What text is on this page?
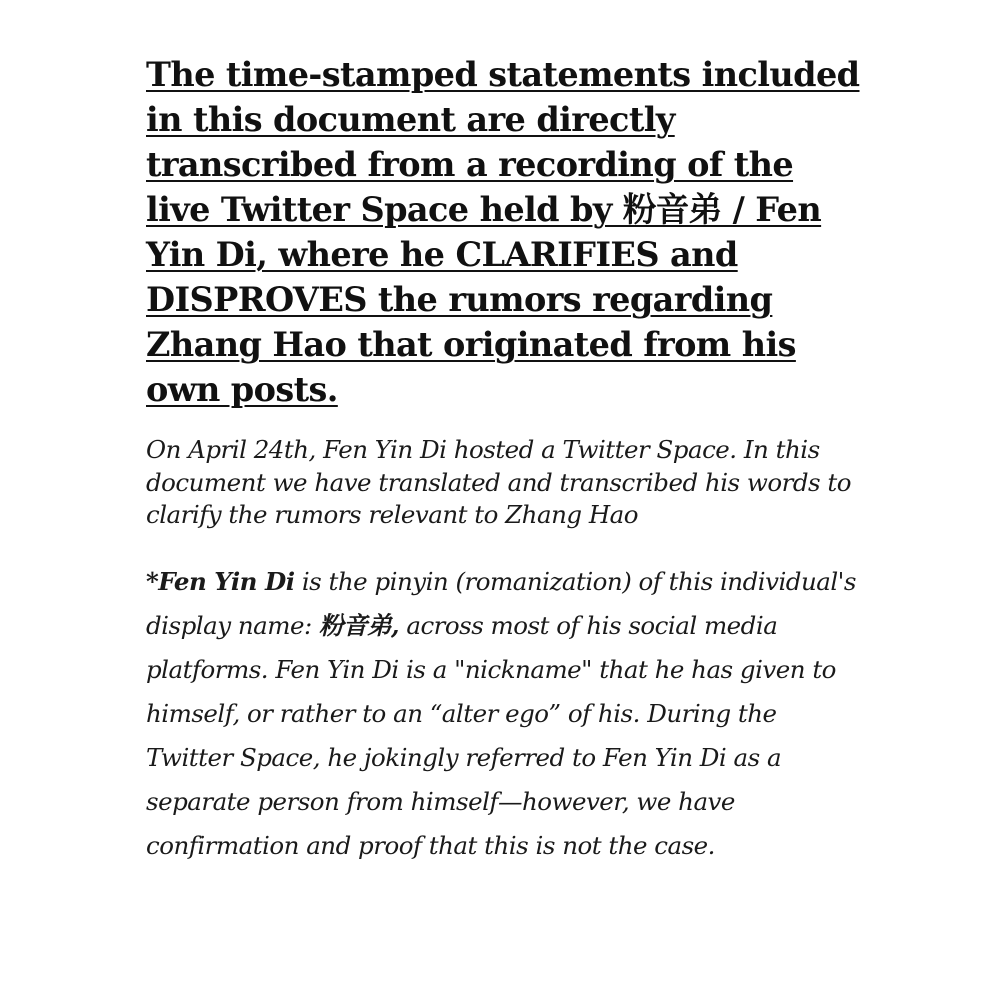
The time-stamped statements included in this document are directly transcribed from a recording of the live Twitter Space held by 粉音弟 / Fen Yin Di, where he CLARIFIES and DISPROVES the rumors regarding Zhang Hao that originated from his own posts.

On April 24th, Fen Yin Di hosted a Twitter Space. In this document we have translated and transcribed his words to clarify the rumors relevant to Zhang Hao

*Fen Yin Di is the pinyin (romanization) of this individual's display name: 粉音弟, across most of his social media platforms. Fen Yin Di is a "nickname" that he has given to himself, or rather to an “alter ego” of his. During the Twitter Space, he jokingly referred to Fen Yin Di as a separate person from himself—however, we have confirmation and proof that this is not the case.
